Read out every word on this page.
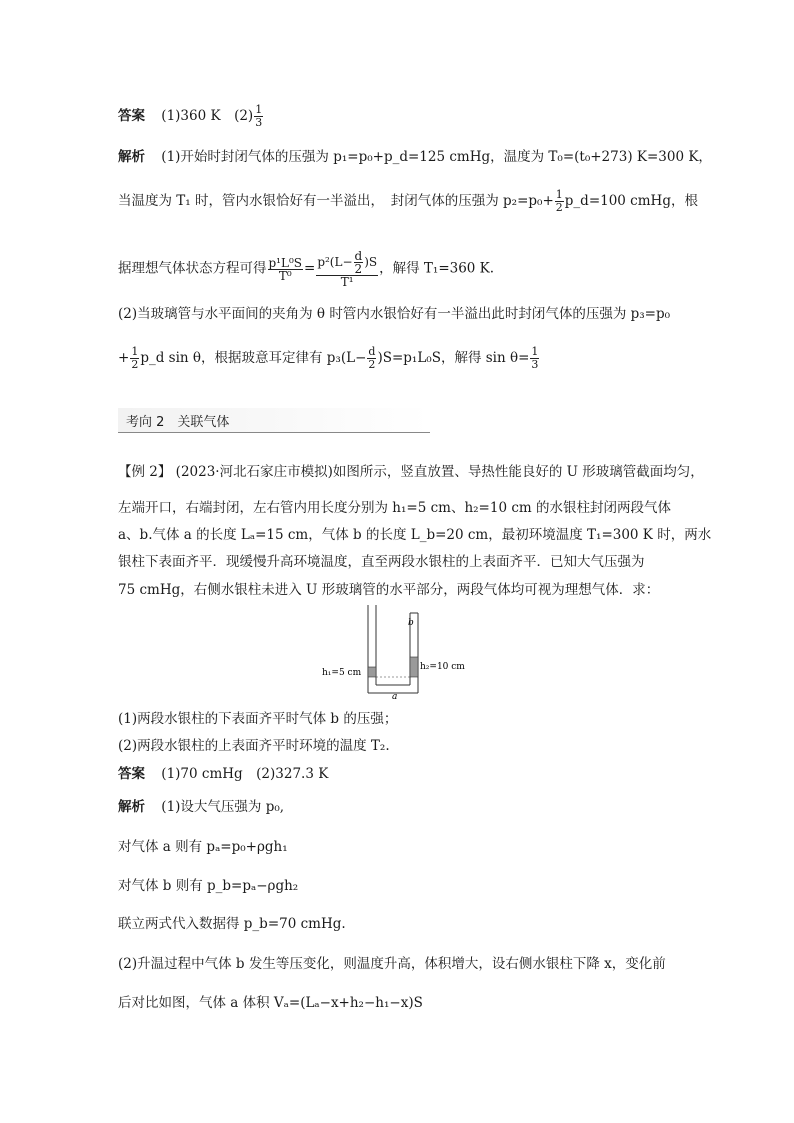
答案 (1)360 K　$(2) \frac{1}{3}$
解析 (1)开始时封闭气体的压强为 p₁=p₀+p_d=125 cmHg，温度为 T₀=(t₀+273) K=300 K，
当温度为 T₁ 时，管内水银恰好有一半溢出，　封闭气体的压强为 $p_2=p_0+ \frac{1}{2}$ p_d=100 cmHg，根
据理想气体状态方程可得 $\frac{\text{p¹L⁰S}}{\text{T⁰}} = \frac{p^2(L- \frac{d}{2} )S}{\text{T¹}}$ ，解得 T₁=360 K.
(2)当玻璃管与水平面间的夹角为 θ 时管内水银恰好有一半溢出此时封闭气体的压强为 p₃=p₀
+ $\frac{1}{2}$ p_d sin θ，根据玻意耳定律有 $p_3(L- \frac{d}{2} )S=p_1L_0S$，解得 $\sin \theta= \frac{1}{3}$
考向 2　关联气体
【例 2】 (2023·河北石家庄市模拟)如图所示，竖直放置、导热性能良好的 U 形玻璃管截面均匀，
左端开口，右端封闭，左右管内用长度分别为 h₁=5 cm、h₂=10 cm 的水银柱封闭两段气体
a、b.气体 a 的长度 Lₐ=15 cm，气体 b 的长度 L_b=20 cm，最初环境温度 T₁=300 K 时，两水
银柱下表面齐平．现缓慢升高环境温度，直至两段水银柱的上表面齐平．已知大气压强为
75 cmHg，右侧水银柱未进入 U 形玻璃管的水平部分，两段气体均可视为理想气体．求：
h₁=5 cm
h₂=10 cm
a
b
(1)两段水银柱的下表面齐平时气体 b 的压强；
(2)两段水银柱的上表面齐平时环境的温度 T₂.
答案 (1)70 cmHg　(2)327.3 K
解析 (1)设大气压强为 p₀,
对气体 a 则有 pₐ=p₀+ρgh₁
对气体 b 则有 p_b=pₐ−ρgh₂
联立两式代入数据得 p_b=70 cmHg.
(2)升温过程中气体 b 发生等压变化，则温度升高，体积增大，设右侧水银柱下降 x，变化前
后对比如图，气体 a 体积 Vₐ=(Lₐ−x+h₂−h₁−x)S
